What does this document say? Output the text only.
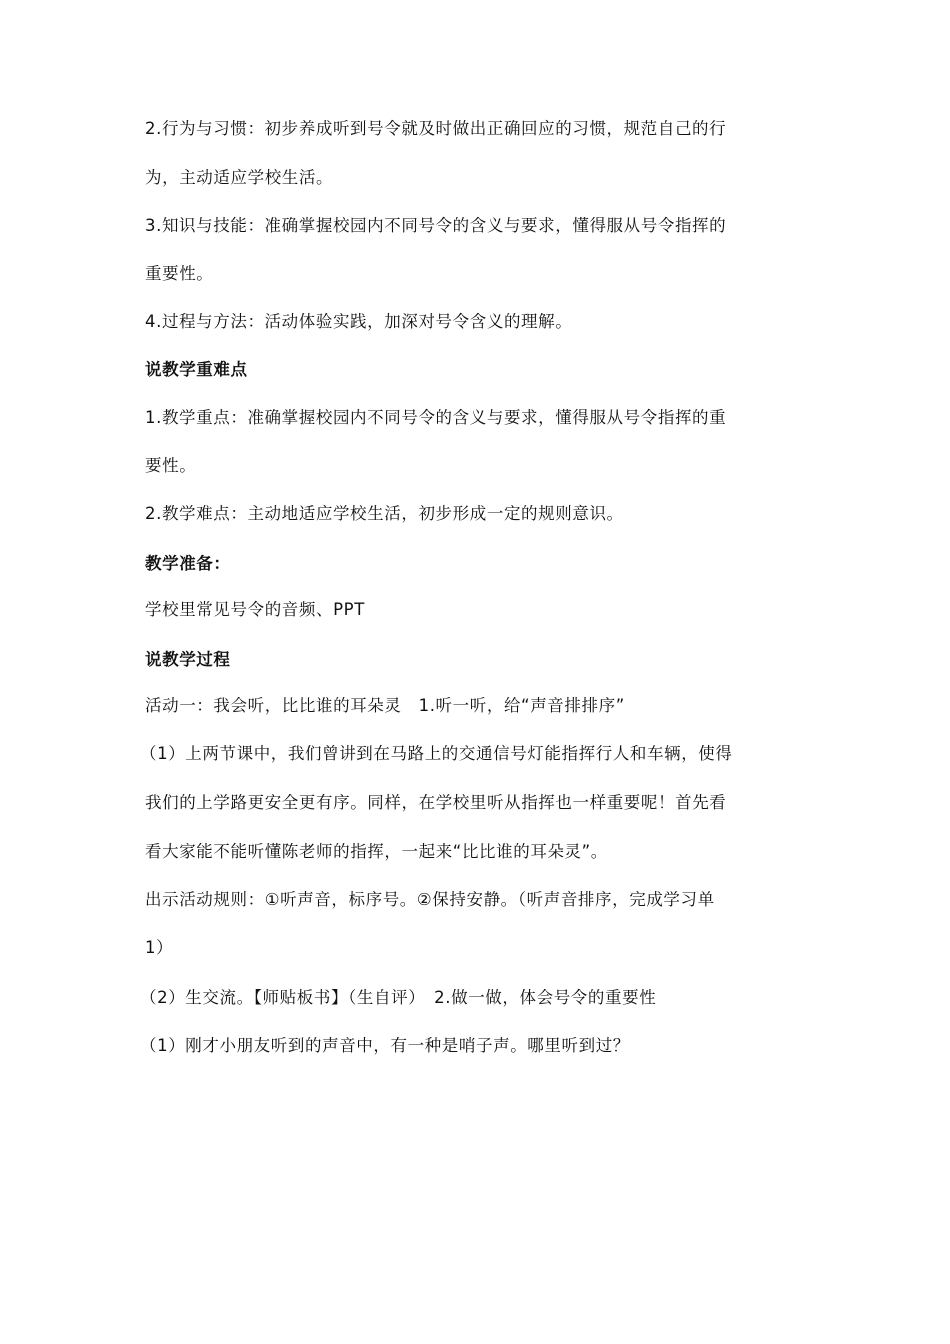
2.行为与习惯：初步养成听到号令就及时做出正确回应的习惯，规范自己的行
为，主动适应学校生活。
3.知识与技能：准确掌握校园内不同号令的含义与要求，懂得服从号令指挥的
重要性。
4.过程与方法：活动体验实践，加深对号令含义的理解。
说教学重难点
1.教学重点：准确掌握校园内不同号令的含义与要求，懂得服从号令指挥的重
要性。
2.教学难点：主动地适应学校生活，初步形成一定的规则意识。
教学准备：
学校里常见号令的音频、PPT
说教学过程
活动一：我会听，比比谁的耳朵灵　1.听一听，给“声音排排序”
（1）上两节课中，我们曾讲到在马路上的交通信号灯能指挥行人和车辆，使得
我们的上学路更安全更有序。同样，在学校里听从指挥也一样重要呢！首先看
看大家能不能听懂陈老师的指挥，一起来“比比谁的耳朵灵”。
出示活动规则：①听声音，标序号。②保持安静。（听声音排序，完成学习单
1）
（2）生交流。【师贴板书】（生自评）　2.做一做，体会号令的重要性
（1）刚才小朋友听到的声音中，有一种是哨子声。哪里听到过？
